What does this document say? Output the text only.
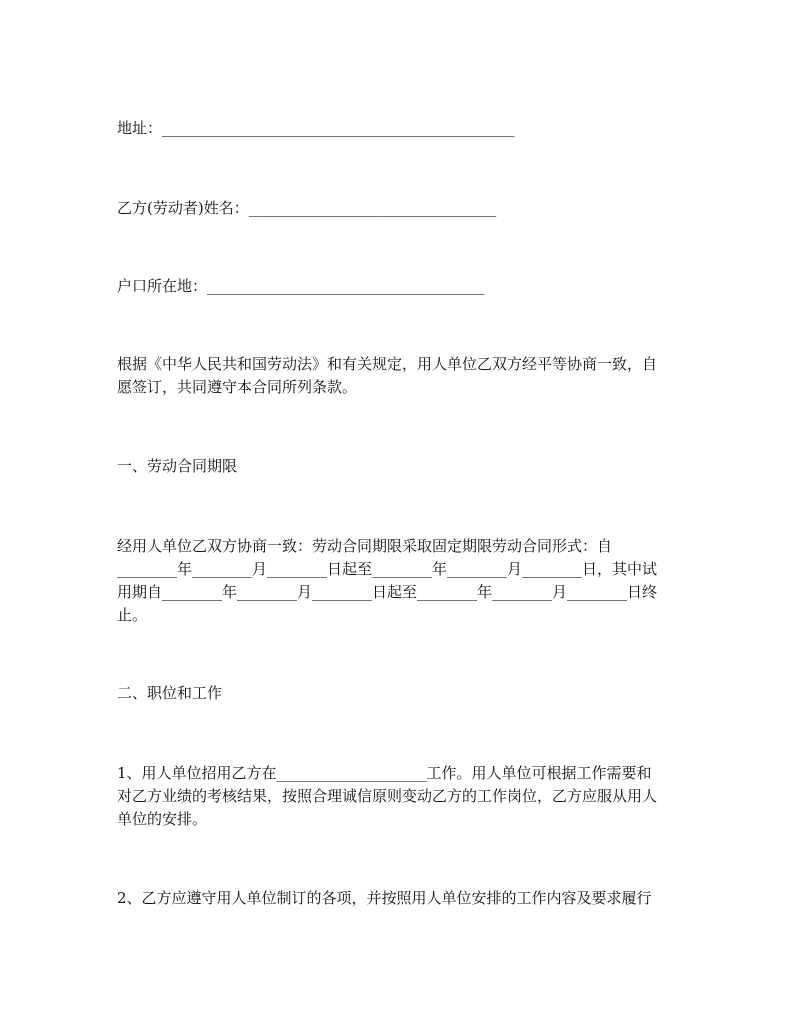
地址：_______________________________________________
乙方(劳动者)姓名：_________________________________
户口所在地：_____________________________________
根据《中华人民共和国劳动法》和有关规定，用人单位乙双方经平等协商一致，自
愿签订，共同遵守本合同所列条款。
一、劳动合同期限
经用人单位乙双方协商一致：劳动合同期限采取固定期限劳动合同形式：自
________年________月________日起至________年________月________日，其中试
用期自________年________月________日起至________年________月________日终
止。
二、职位和工作
1、用人单位招用乙方在____________________工作。用人单位可根据工作需要和
对乙方业绩的考核结果，按照合理诚信原则变动乙方的工作岗位，乙方应服从用人
单位的安排。
2、乙方应遵守用人单位制订的各项，并按照用人单位安排的工作内容及要求履行
